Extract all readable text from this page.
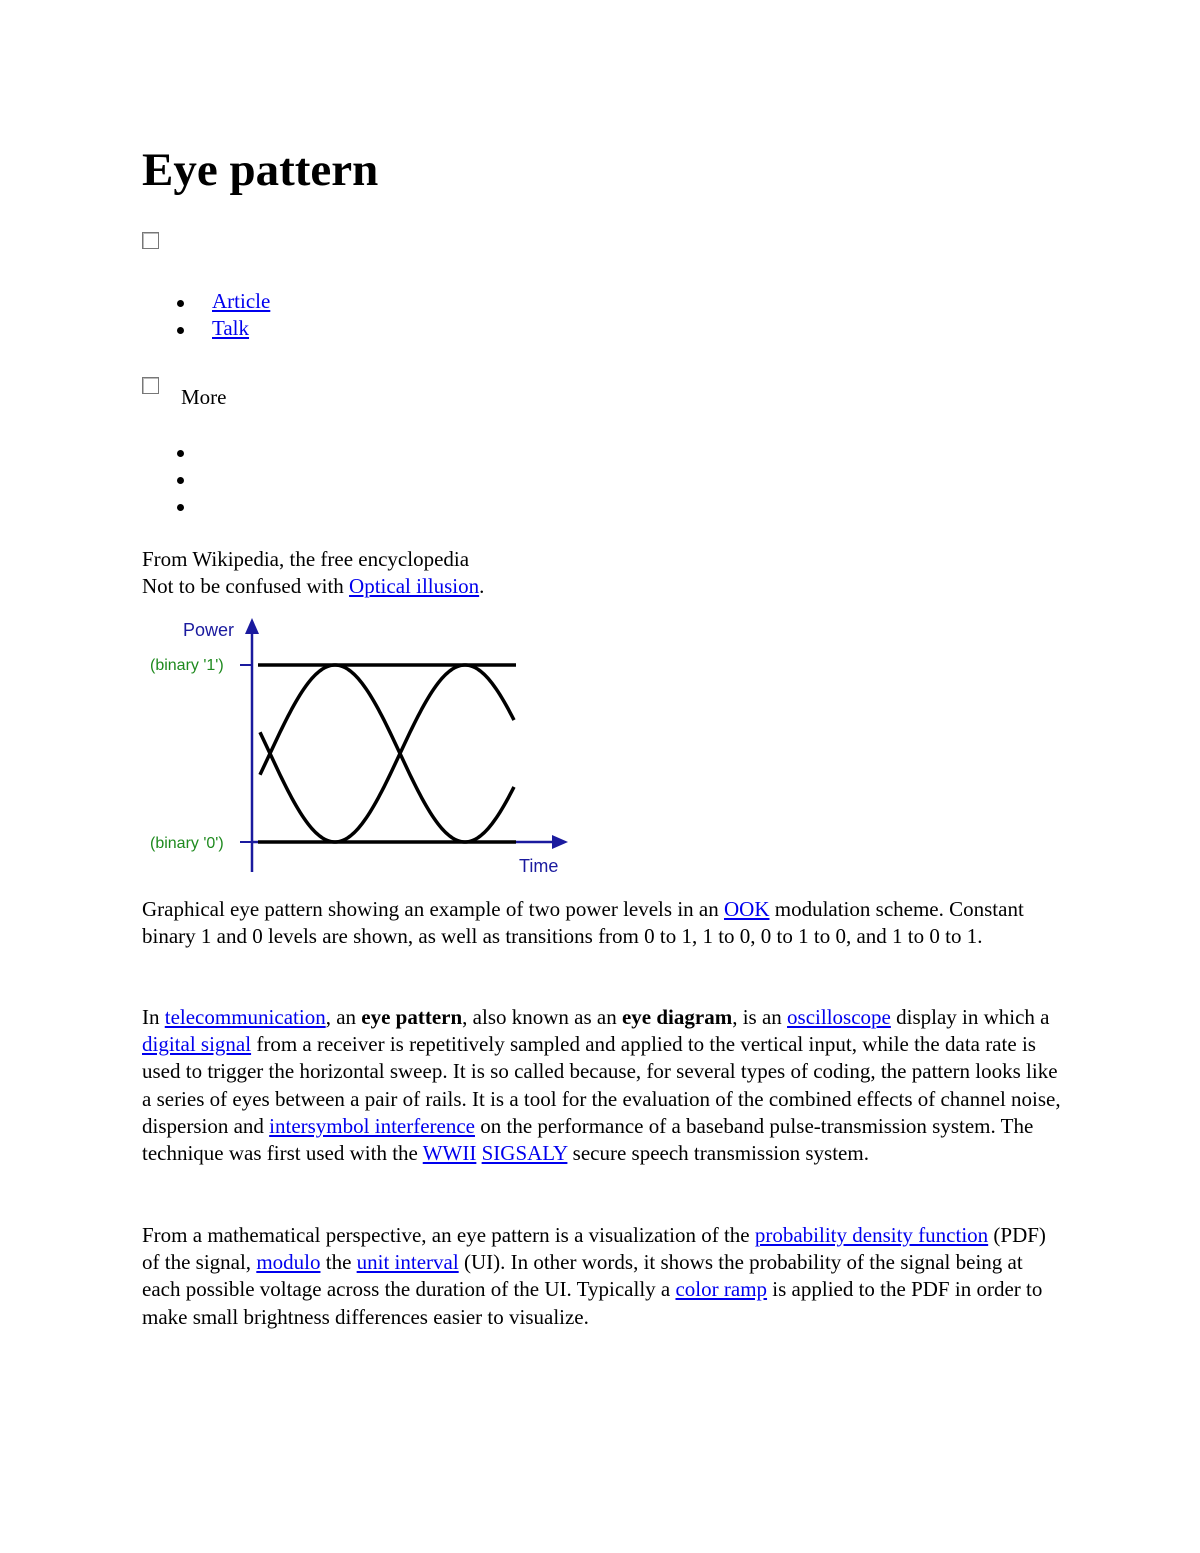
Eye pattern
Article
Talk
More
From Wikipedia, the free encyclopedia
Not to be confused with Optical illusion.
Power
(binary '1')
(binary '0')
Time
Graphical eye pattern showing an example of two power levels in an OOK modulation scheme. Constant binary 1 and 0 levels are shown, as well as transitions from 0 to 1, 1 to 0, 0 to 1 to 0, and 1 to 0 to 1.
In telecommunication, an eye pattern, also known as an eye diagram, is an oscilloscope display in which a digital signal from a receiver is repetitively sampled and applied to the vertical input, while the data rate is used to trigger the horizontal sweep. It is so called because, for several types of coding, the pattern looks like a series of eyes between a pair of rails. It is a tool for the evaluation of the combined effects of channel noise, dispersion and intersymbol interference on the performance of a baseband pulse-transmission system. The technique was first used with the WWII SIGSALY secure speech transmission system.
From a mathematical perspective, an eye pattern is a visualization of the probability density function (PDF) of the signal, modulo the unit interval (UI). In other words, it shows the probability of the signal being at each possible voltage across the duration of the UI. Typically a color ramp is applied to the PDF in order to make small brightness differences easier to visualize.
